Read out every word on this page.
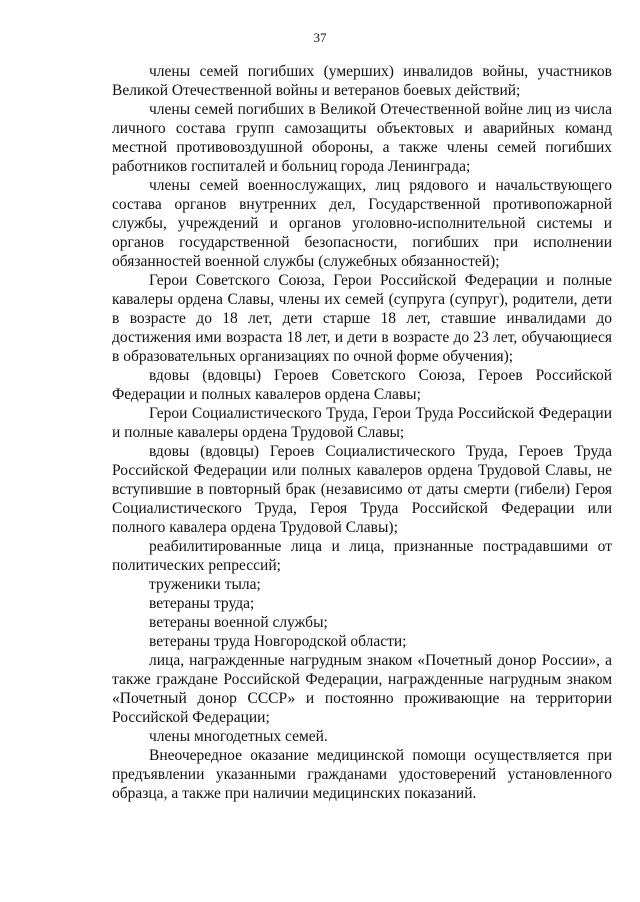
37

члены семей погибших (умерших) инвалидов войны, участников Великой Отечественной войны и ветеранов боевых действий;

члены семей погибших в Великой Отечественной войне лиц из числа личного состава групп самозащиты объектовых и аварийных команд местной противовоздушной обороны, а также члены семей погибших работников госпиталей и больниц города Ленинграда;

члены семей военнослужащих, лиц рядового и начальствующего состава органов внутренних дел, Государственной противопожарной службы, учреждений и органов уголовно-исполнительной системы и органов государственной безопасности, погибших при исполнении обязанностей военной службы (служебных обязанностей);

Герои Советского Союза, Герои Российской Федерации и полные кавалеры ордена Славы, члены их семей (супруга (супруг), родители, дети в возрасте до 18 лет, дети старше 18 лет, ставшие инвалидами до достижения ими возраста 18 лет, и дети в возрасте до 23 лет, обучающиеся в образовательных организациях по очной форме обучения);

вдовы (вдовцы) Героев Советского Союза, Героев Российской Федерации и полных кавалеров ордена Славы;

Герои Социалистического Труда, Герои Труда Российской Федерации и полные кавалеры ордена Трудовой Славы;

вдовы (вдовцы) Героев Социалистического Труда, Героев Труда Российской Федерации или полных кавалеров ордена Трудовой Славы, не вступившие в повторный брак (независимо от даты смерти (гибели) Героя Социалистического Труда, Героя Труда Российской Федерации или полного кавалера ордена Трудовой Славы);

реабилитированные лица и лица, признанные пострадавшими от политических репрессий;

труженики тыла;

ветераны труда;

ветераны военной службы;

ветераны труда Новгородской области;

лица, награжденные нагрудным знаком «Почетный донор России», а также граждане Российской Федерации, награжденные нагрудным знаком «Почетный донор СССР» и постоянно проживающие на территории Российской Федерации;

члены многодетных семей.

Внеочередное оказание медицинской помощи осуществляется при предъявлении указанными гражданами удостоверений установленного образца, а также при наличии медицинских показаний.
